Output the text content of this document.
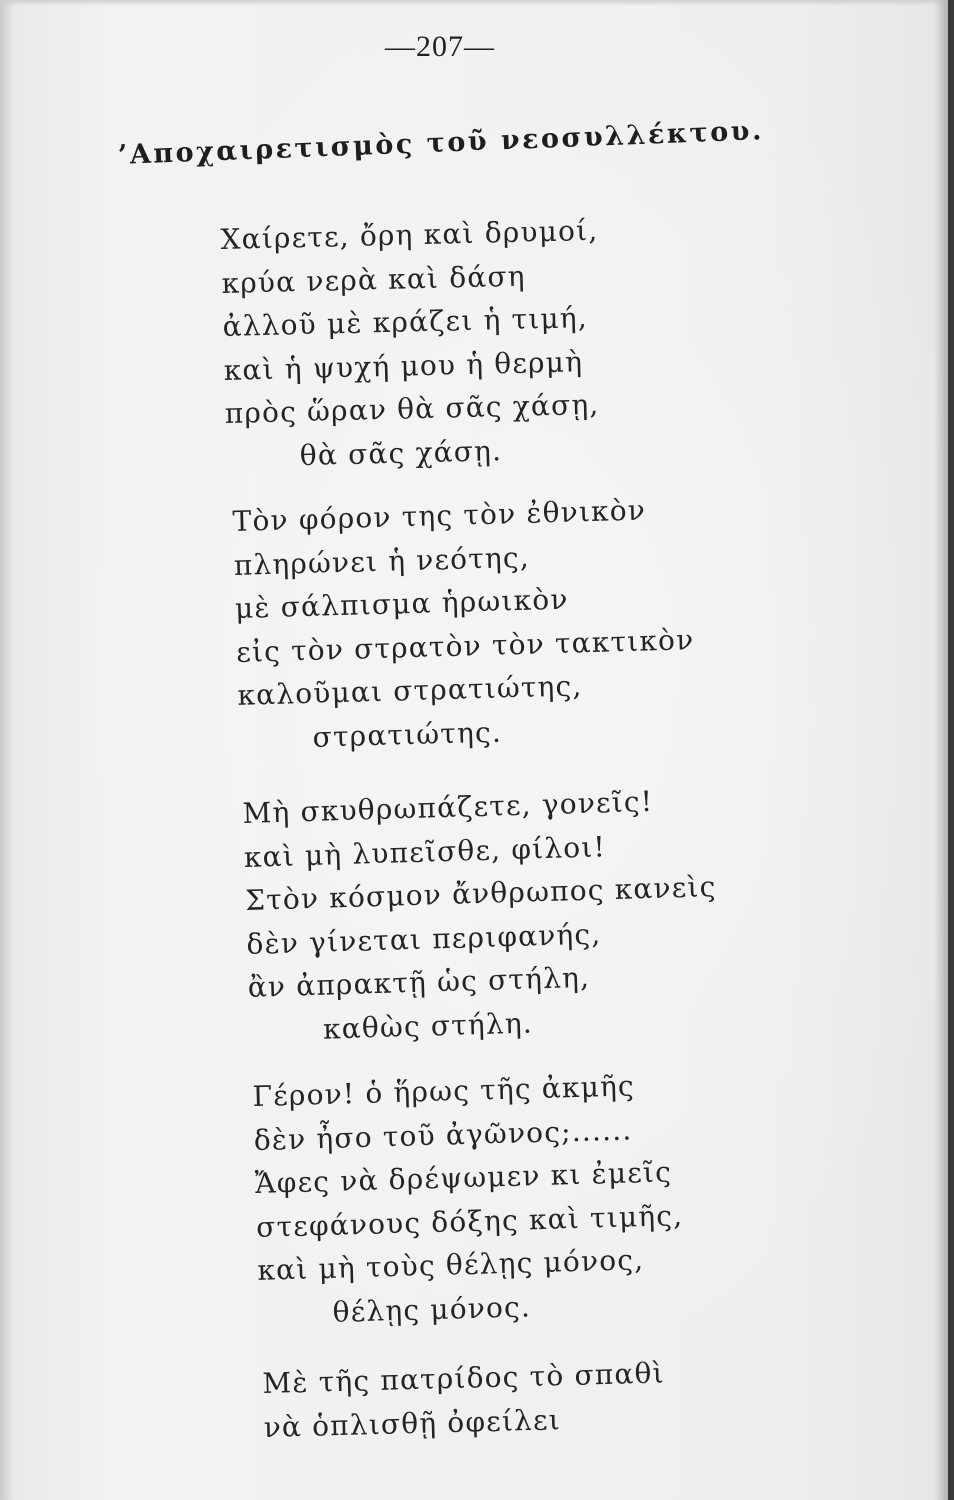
—207—
’Αποχαιρετισμὸς τοῦ νεοσυλλέκτου.
Χαίρετε, ὄρη καὶ δρυμοί,
κρύα νερὰ καὶ δάση
ἀλλοῦ μὲ κράζει ἡ τιμή,
καὶ ἡ ψυχή μου ἡ θερμὴ
πρὸς ὥραν θὰ σᾶς χάσῃ,
θὰ σᾶς χάσῃ.
Τὸν φόρον της τὸν ἐθνικὸν
πληρώνει ἡ νεότης,
μὲ σάλπισμα ἡρωικὸν
εἰς τὸν στρατὸν τὸν τακτικὸν
καλοῦμαι στρατιώτης,
στρατιώτης.
Μὴ σκυθρωπάζετε, γονεῖς!
καὶ μὴ λυπεῖσθε, φίλοι!
Στὸν κόσμον ἄνθρωπος κανεὶς
δὲν γίνεται περιφανής,
ἂν ἀπρακτῇ ὡς στήλη,
καθὼς στήλη.
Γέρον! ὁ ἥρως τῆς ἀκμῆς
δὲν ἦσο τοῦ ἀγῶνος;......
Ἄφες νὰ δρέψωμεν κι ἐμεῖς
στεφάνους δόξης καὶ τιμῆς,
καὶ μὴ τοὺς θέλῃς μόνος,
θέλῃς μόνος.
Μὲ τῆς πατρίδος τὸ σπαθὶ
νὰ ὁπλισθῇ ὀφείλει
